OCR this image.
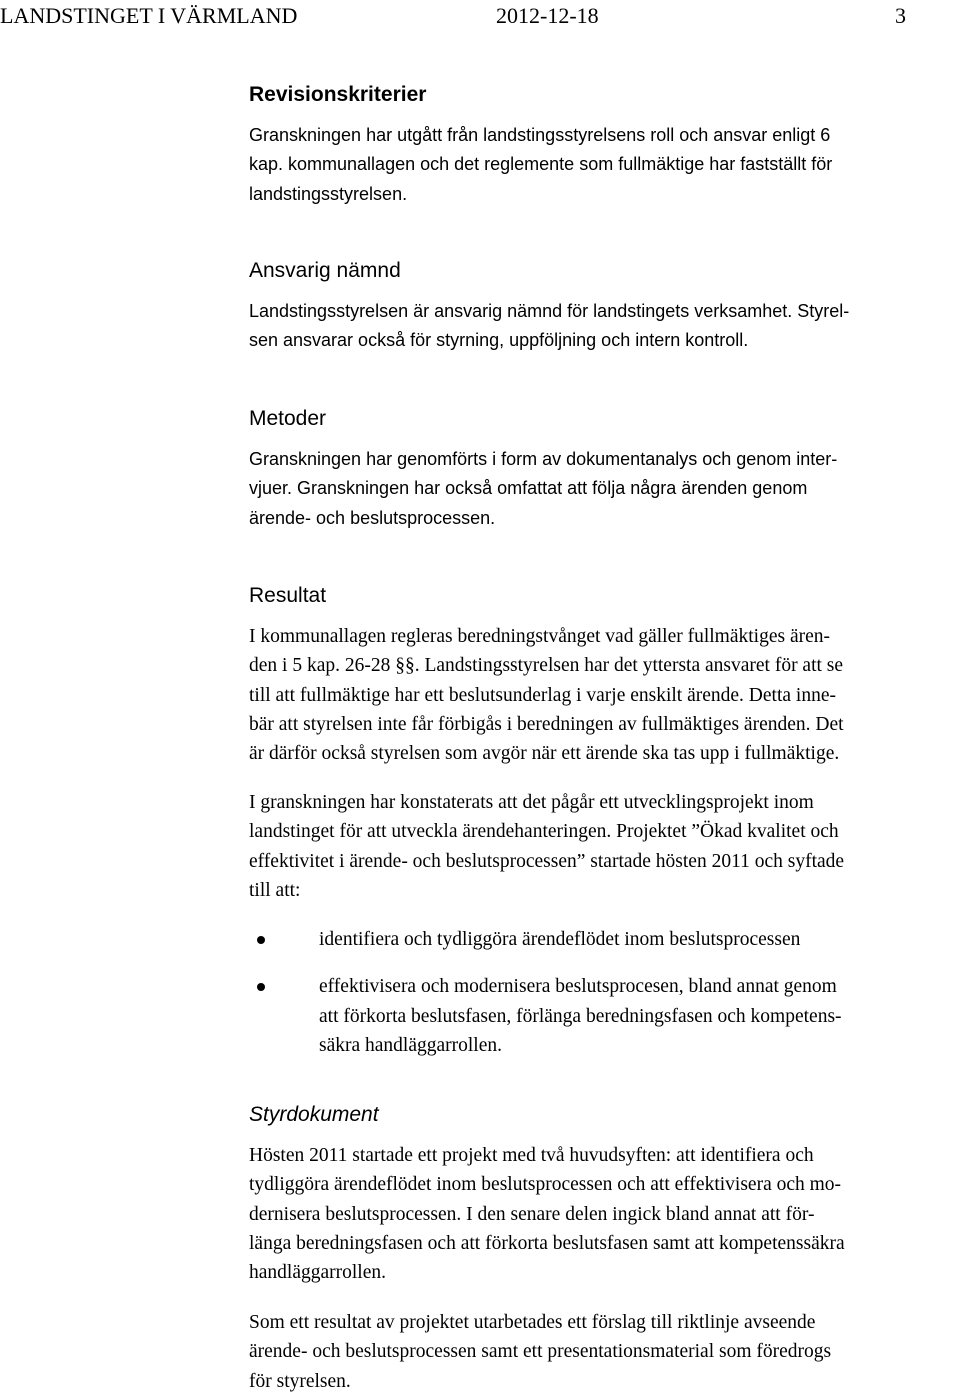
LANDSTINGET I VÄRMLAND	2012-12-18	3
Revisionskriterier

Granskningen har utgått från landstingsstyrelsens roll och ansvar enligt 6
kap. kommunallagen och det reglemente som fullmäktige har fastställt för
landstingsstyrelsen.

Ansvarig nämnd

Landstingsstyrelsen är ansvarig nämnd för landstingets verksamhet. Styrel-
sen ansvarar också för styrning, uppföljning och intern kontroll.

Metoder

Granskningen har genomförts i form av dokumentanalys och genom inter-
vjuer. Granskningen har också omfattat att följa några ärenden genom
ärende- och beslutsprocessen.

Resultat

I kommunallagen regleras beredningstvånget vad gäller fullmäktiges ären-
den i 5 kap. 26-28 §§. Landstingsstyrelsen har det yttersta ansvaret för att se
till att fullmäktige har ett beslutsunderlag i varje enskilt ärende. Detta inne-
bär att styrelsen inte får förbigås i beredningen av fullmäktiges ärenden. Det
är därför också styrelsen som avgör när ett ärende ska tas upp i fullmäktige.

I granskningen har konstaterats att det pågår ett utvecklingsprojekt inom
landstinget för att utveckla ärendehanteringen. Projektet ”Ökad kvalitet och
effektivitet i ärende- och beslutsprocessen” startade hösten 2011 och syftade
till att:

identifiera och tydliggöra ärendeflödet inom beslutsprocessen
effektivisera och modernisera beslutsprocesen, bland annat genom
att förkorta beslutsfasen, förlänga beredningsfasen och kompetens-
säkra handläggarrollen.
Styrdokument

Hösten 2011 startade ett projekt med två huvudsyften: att identifiera och
tydliggöra ärendeflödet inom beslutsprocessen och att effektivisera och mo-
dernisera beslutsprocessen. I den senare delen ingick bland annat att för-
länga beredningsfasen och att förkorta beslutsfasen samt att kompetenssäkra
handläggarrollen.

Som ett resultat av projektet utarbetades ett förslag till riktlinje avseende
ärende- och beslutsprocessen samt ett presentationsmaterial som föredrogs
för styrelsen.
